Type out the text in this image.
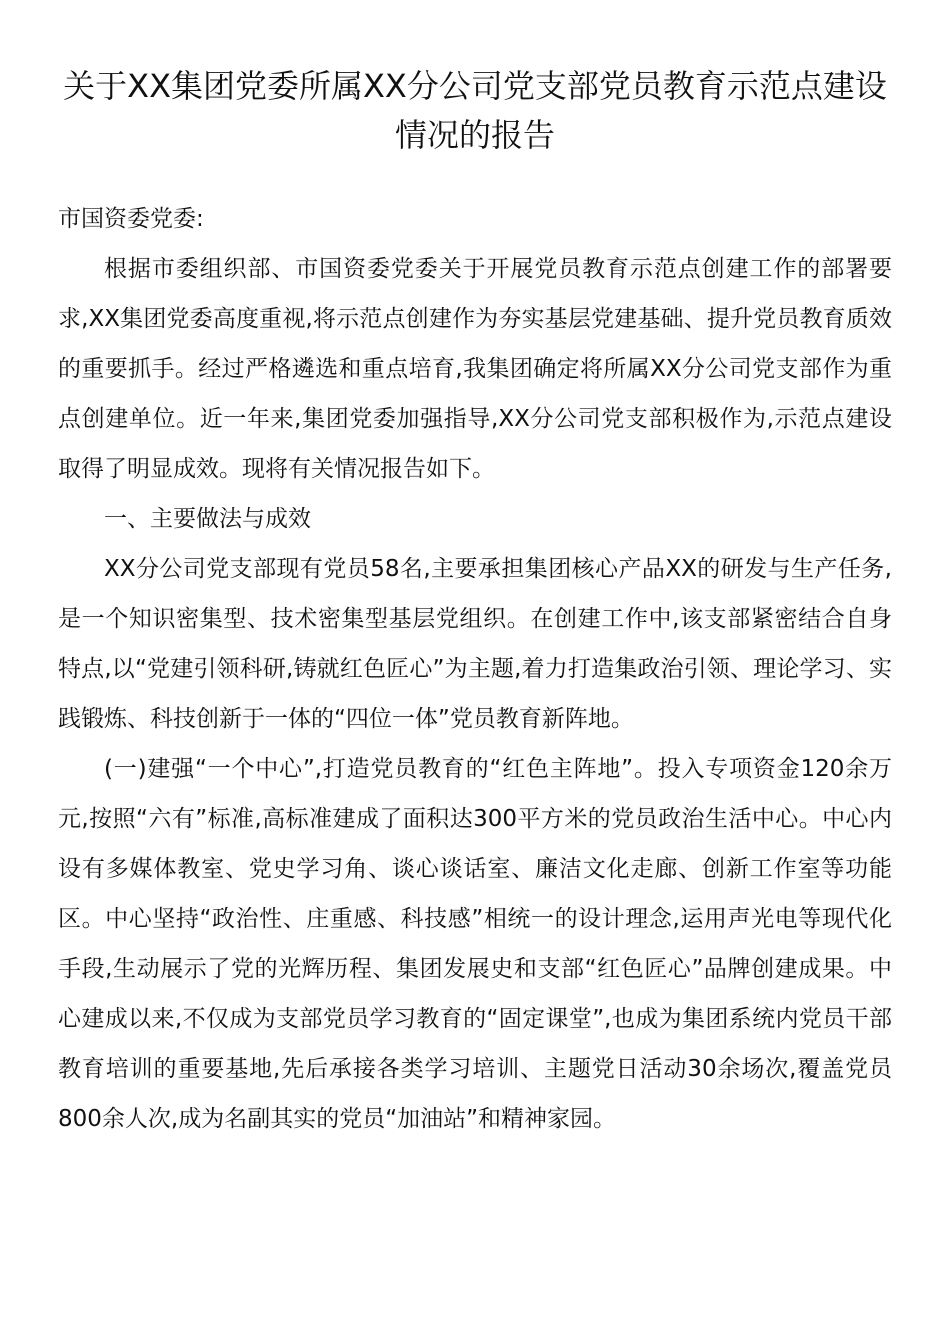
关于XX集团党委所属XX分公司党支部党员教育示范点建设情况的报告

市国资委党委:

根据市委组织部、市国资委党委关于开展党员教育示范点创建工作的部署要求,XX集团党委高度重视,将示范点创建作为夯实基层党建基础、提升党员教育质效的重要抓手。经过严格遴选和重点培育,我集团确定将所属XX分公司党支部作为重点创建单位。近一年来,集团党委加强指导,XX分公司党支部积极作为,示范点建设取得了明显成效。现将有关情况报告如下。

一、主要做法与成效

XX分公司党支部现有党员58名,主要承担集团核心产品XX的研发与生产任务,是一个知识密集型、技术密集型基层党组织。在创建工作中,该支部紧密结合自身特点,以“党建引领科研,铸就红色匠心”为主题,着力打造集政治引领、理论学习、实践锻炼、科技创新于一体的“四位一体”党员教育新阵地。

(一)建强“一个中心”,打造党员教育的“红色主阵地”。投入专项资金120余万元,按照“六有”标准,高标准建成了面积达300平方米的党员政治生活中心。中心内设有多媒体教室、党史学习角、谈心谈话室、廉洁文化走廊、创新工作室等功能区。中心坚持“政治性、庄重感、科技感”相统一的设计理念,运用声光电等现代化手段,生动展示了党的光辉历程、集团发展史和支部“红色匠心”品牌创建成果。中心建成以来,不仅成为支部党员学习教育的“固定课堂”,也成为集团系统内党员干部教育培训的重要基地,先后承接各类学习培训、主题党日活动30余场次,覆盖党员800余人次,成为名副其实的党员“加油站”和精神家园。
